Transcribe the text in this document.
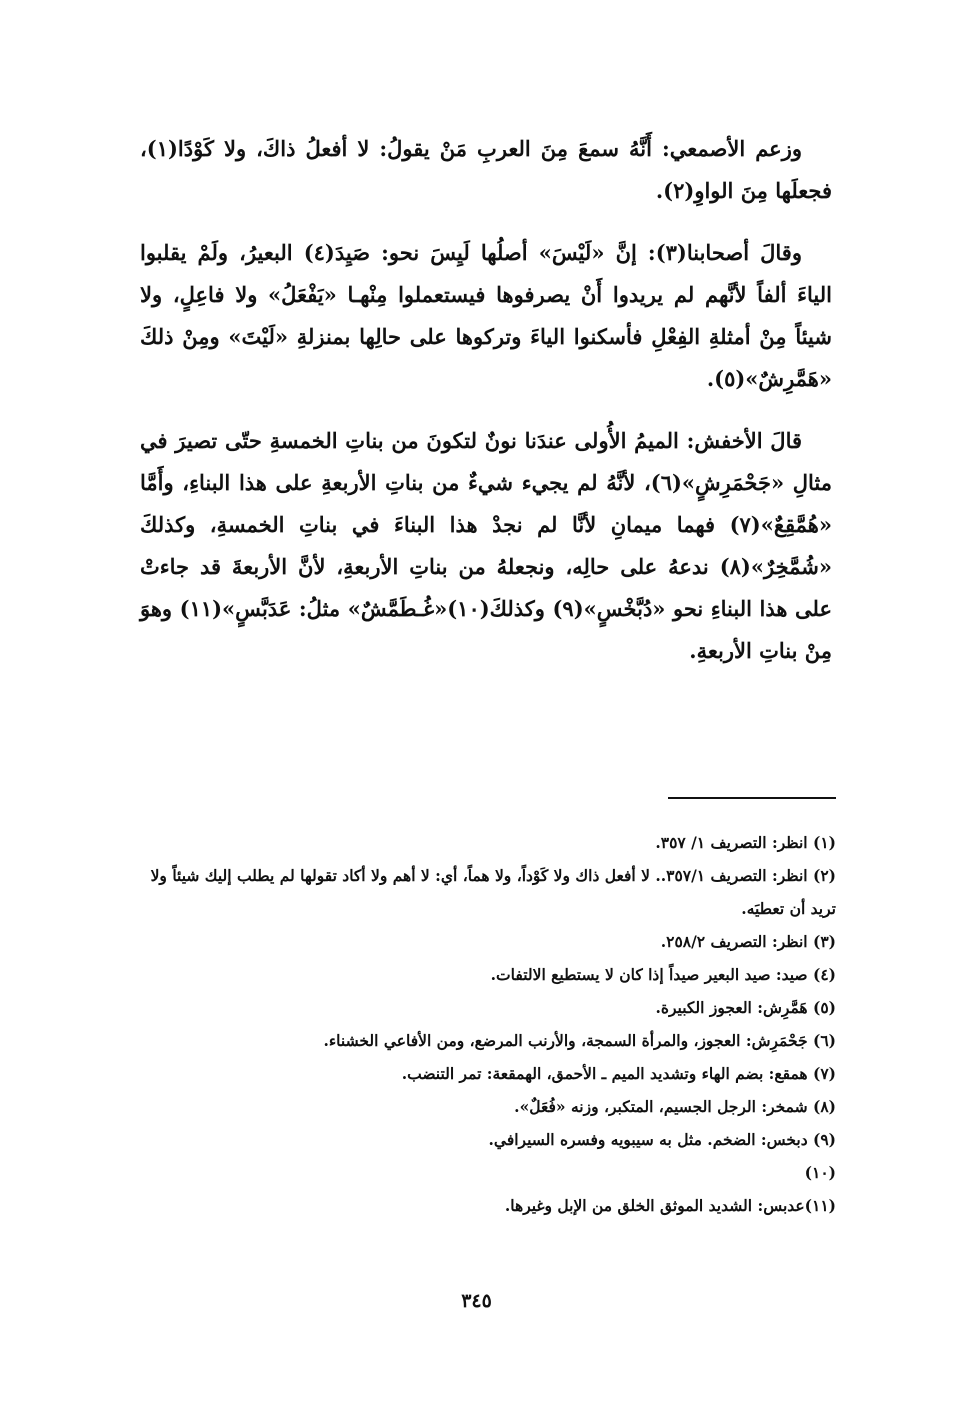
وزعم الأصمعي: أَنَّهُ سمعَ مِنَ العربِ مَنْ يقولُ: لا أفعلُ ذاكَ، ولا كَوْدًا(١)، فجعلَها مِنَ الواوِ(٢).

وقالَ أصحابنا(٣): إنَّ «لَيْسَ» أصلُها لَيِسَ نحو: صَيِدَ(٤) البعيرُ، ولَمْ يقلبوا الياءَ ألفاً لأنَّهم لم يريدوا أَنْ يصرفوها فيستعملوا مِنْهـا «يَفْعَلُ» ولا فاعِلٍ، ولا شيئاً مِنْ أمثلةِ الفِعْلِ فأسكنوا الياءَ وتركوها على حالِها بمنزلةِ «لَيْتَ» ومِنْ ذلكَ «هَمَّرِشٌ»(٥).

قالَ الأخفش: الميمُ الأُولى عندَنا نونٌ لتكونَ من بناتِ الخمسةِ حتّى تصيرَ في مثالِ «جَحْمَرِشٍ»(٦)، لأنَّهُ لم يجيء شيءٌ من بناتِ الأربعةِ على هذا البناءِ، وأَمَّا «هُمَّقِعٌ»(٧) فهما ميمانِ لأنَّا لم نجدْ هذا البناءَ في بناتِ الخمسةِ، وكذلكَ «شُمَّخِرٌ»(٨) ندعهُ على حالِه، ونجعلهُ من بناتِ الأربعةِ، لأنَّ الأربعةَ قد جاءتْ على هذا البناءِ نحو «دُبَّخْسٍ»(٩) وكذلكَ(١٠)«غُـطَمَّشٌ» مثلُ: عَدَبَّسٍ»(١١) وهوَ مِنْ بناتِ الأربعةِ.

(١) انظر: التصريف ١/ ٣٥٧.

(٢) انظر: التصريف ٣٥٧/١.. لا أفعل ذاك ولا كَوْداً، ولا هماً، أي: لا أهم ولا أكاد تقولها لم يطلب إليك شيئاً ولا تريد أن تعطيَه.

(٣) انظر: التصريف ٢٥٨/٢.

(٤) صيد: صيد البعير صيداً إذا كان لا يستطيع الالتفات.

(٥) هَمَّرِش: العجوز الكبيرة.

(٦) جَحْمَرِش: العجوز، والمرأة السمجة، والأرنب المرضع، ومن الأفاعي الخشناء.

(٧) همقع: بضم الهاء وتشديد الميم ـ الأحمق، الهمقعة: تمر التنضب.

(٨) شمخر: الرجل الجسيم، المتكبر، وزنه «فُعَلٌ».

(٩) دبخس: الضخم. مثل به سيبويه وفسره السيرافي.

(١٠)

(١١)عدبس: الشديد الموثق الخلق من الإبل وغيرها.

٣٤٥
